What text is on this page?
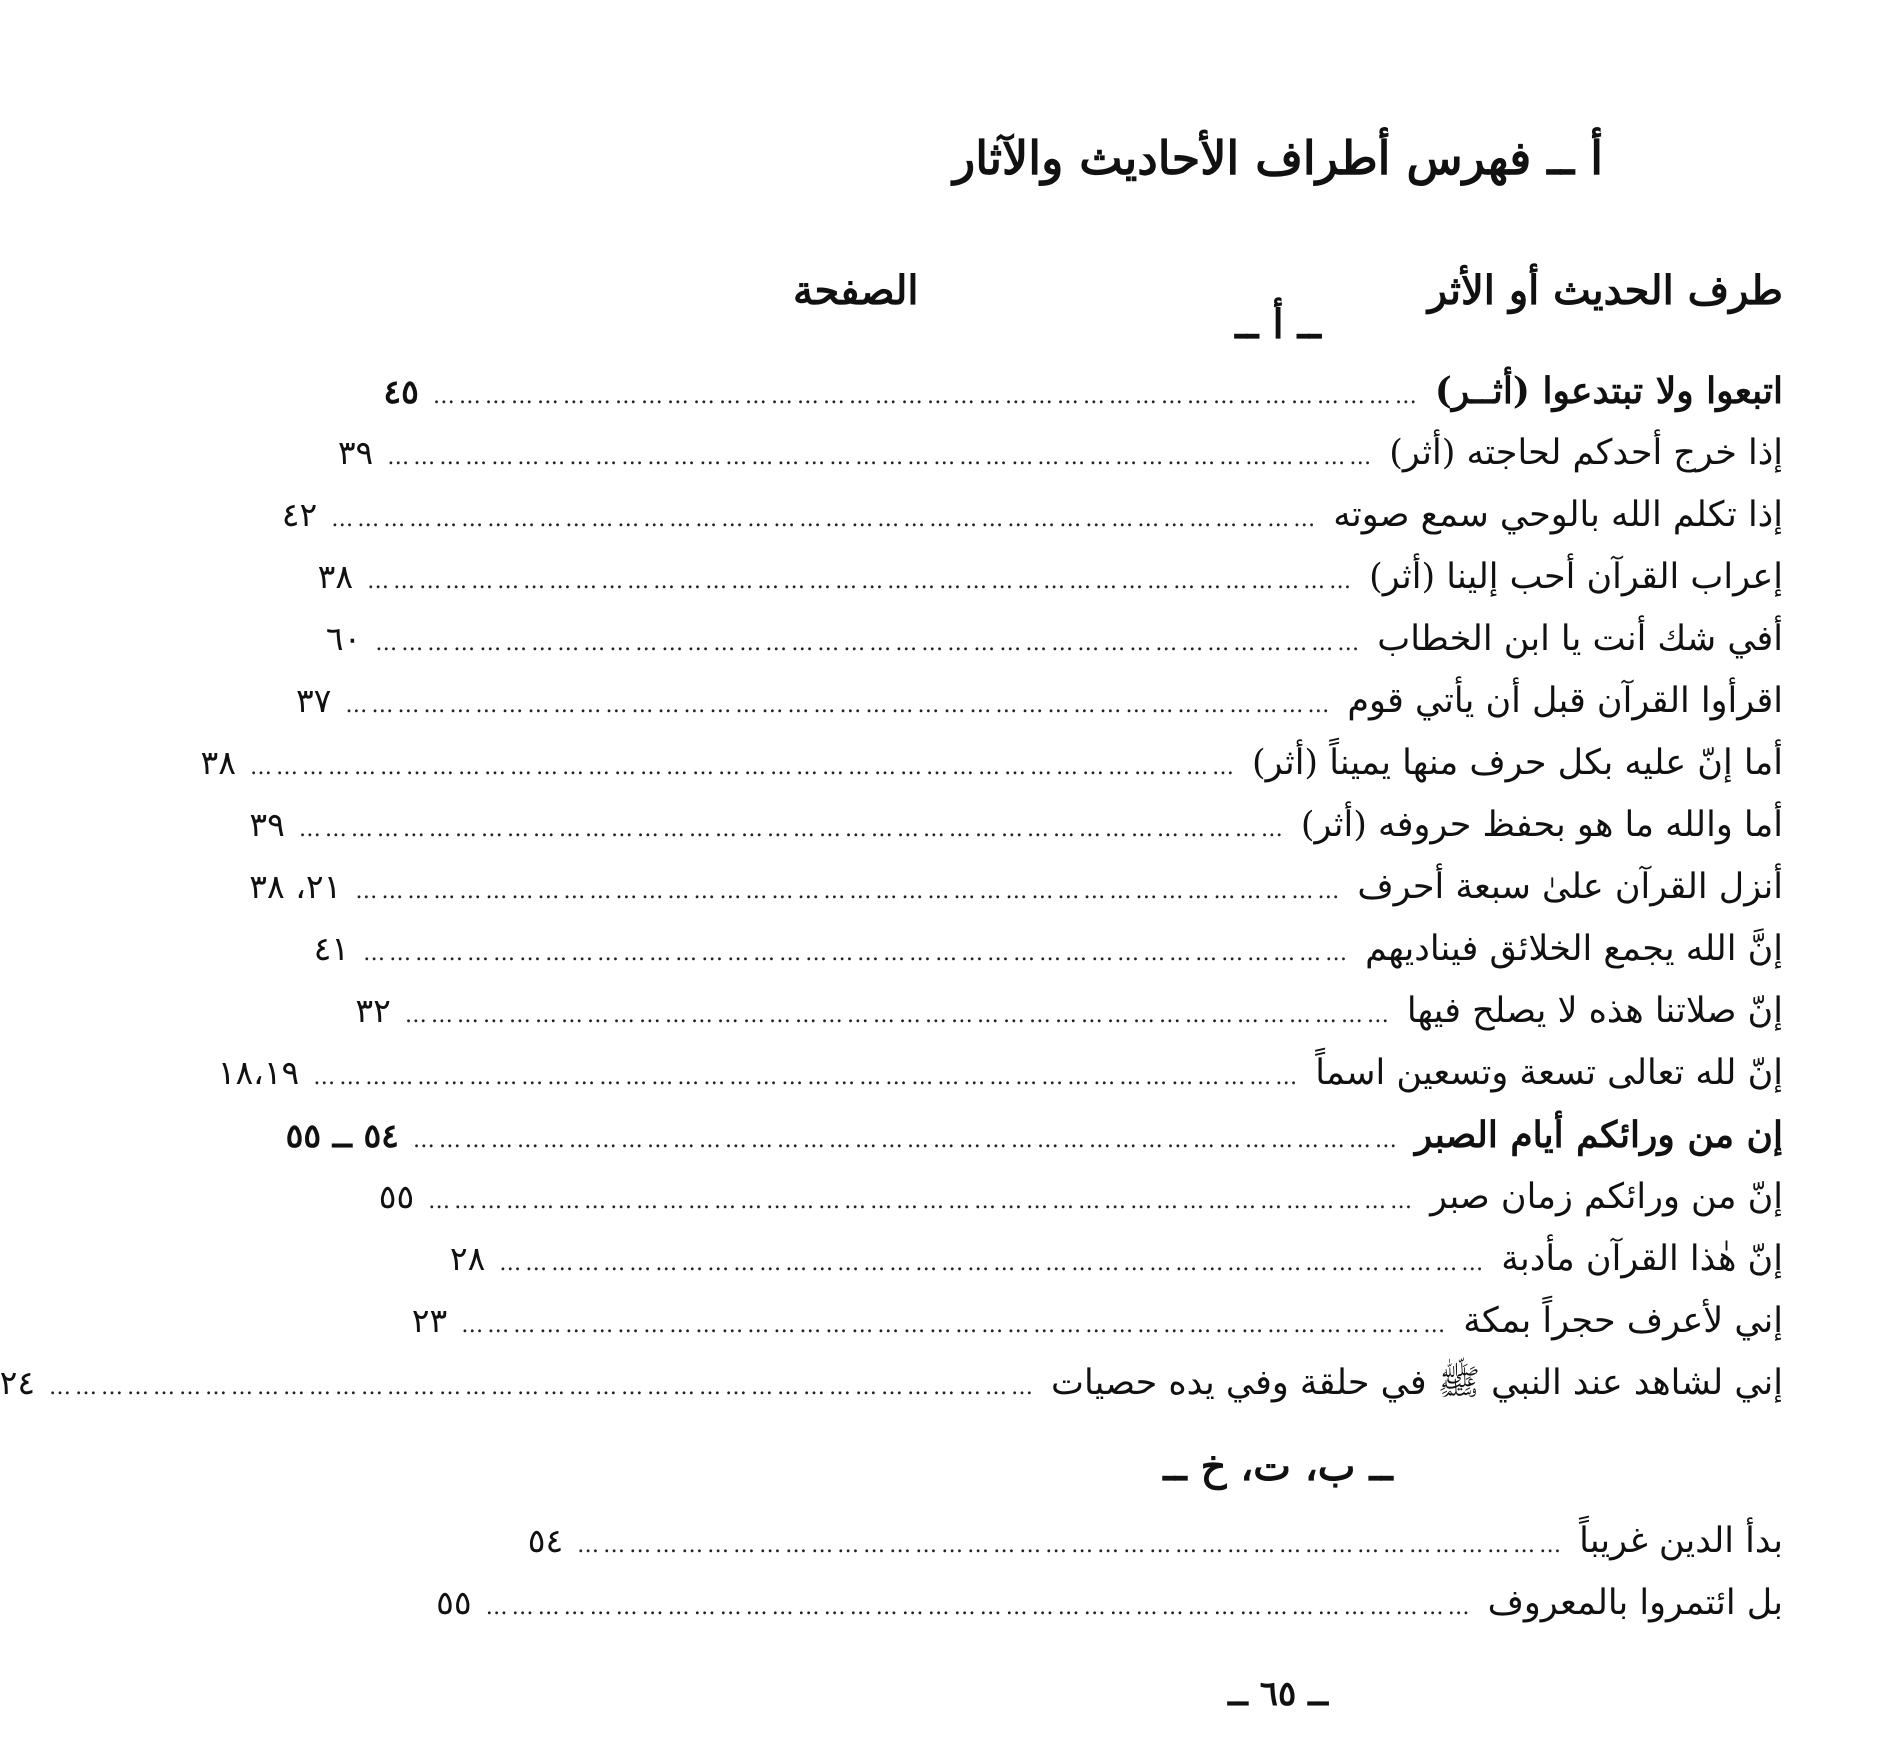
أ ــ فهرس أطراف الأحاديث والآثار
طرف الحديث أو الأثر
الصفحة
ــ أ ــ
اتبعوا ولا تبتدعوا (أثــر)
……………………………………………………………………………………………………
٤٥
إذا خرج أحدكم لحاجته (أثر)
……………………………………………………………………………………………………
٣٩
إذا تكلم الله بالوحي سمع صوته
……………………………………………………………………………………………………
٤٢
إعراب القرآن أحب إلينا (أثر)
……………………………………………………………………………………………………
٣٨
أفي شك أنت يا ابن الخطاب
……………………………………………………………………………………………………
٦٠
اقرأوا القرآن قبل أن يأتي قوم
……………………………………………………………………………………………………
٣٧
أما إنّ عليه بكل حرف منها يميناً (أثر)
……………………………………………………………………………………………………
٣٨
أما والله ما هو بحفظ حروفه (أثر)
……………………………………………………………………………………………………
٣٩
أنزل القرآن علىٰ سبعة أحرف
……………………………………………………………………………………………………
٢١، ٣٨
إنَّ الله يجمع الخلائق فيناديهم
……………………………………………………………………………………………………
٤١
إنّ صلاتنا هذه لا يصلح فيها
……………………………………………………………………………………………………
٣٢
إنّ لله تعالى تسعة وتسعين اسماً
……………………………………………………………………………………………………
١٨،١٩
إن من ورائكم أيام الصبر
……………………………………………………………………………………………………
٥٤ ــ ٥٥
إنّ من ورائكم زمان صبر
……………………………………………………………………………………………………
٥٥
إنّ هٰذا القرآن مأدبة
……………………………………………………………………………………………………
٢٨
إني لأعرف حجراً بمكة
……………………………………………………………………………………………………
٢٣
إني لشاهد عند النبي ﷺ في حلقة وفي يده حصيات
……………………………………………………………………………………………………
٢٤
ــ ب، ت، خ ــ
بدأ الدين غريباً
……………………………………………………………………………………………………
٥٤
بل ائتمروا بالمعروف
……………………………………………………………………………………………………
٥٥
ــ ٦٥ ــ
